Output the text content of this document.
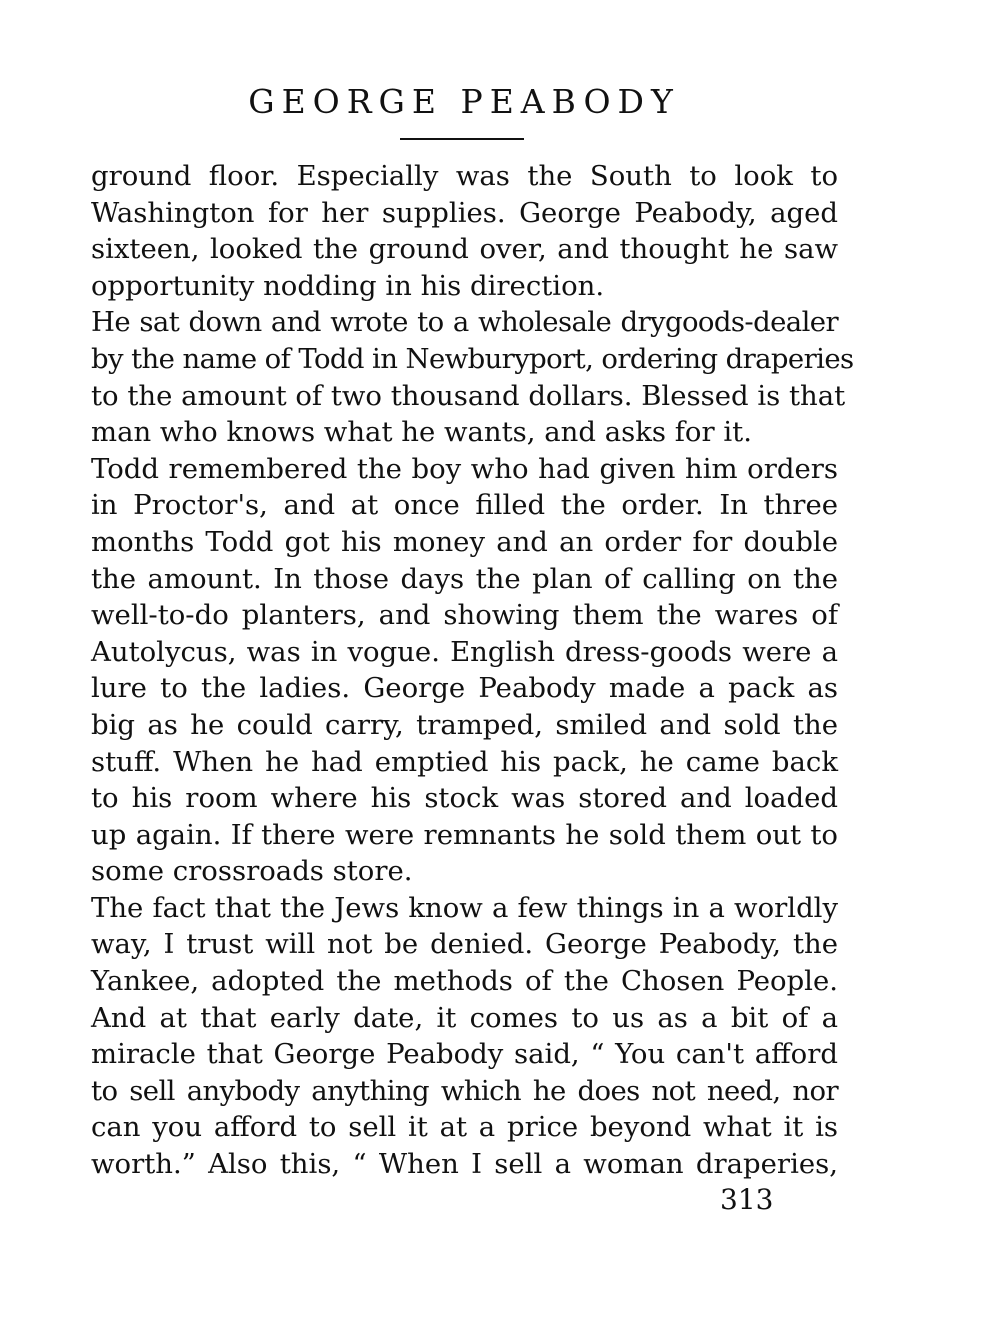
GEORGE PEABODY
ground floor. Especially was the South to look to
Washington for her supplies. George Peabody, aged
sixteen, looked the ground over, and thought he saw
opportunity nodding in his direction.
He sat down and wrote to a wholesale drygoods-dealer
by the name of Todd in Newburyport, ordering draperies
to the amount of two thousand dollars. Blessed is that
man who knows what he wants, and asks for it.
Todd remembered the boy who had given him orders
in Proctor's, and at once filled the order. In three
months Todd got his money and an order for double
the amount. In those days the plan of calling on the
well-to-do planters, and showing them the wares of
Autolycus, was in vogue. English dress-goods were a
lure to the ladies. George Peabody made a pack as
big as he could carry, tramped, smiled and sold the
stuff. When he had emptied his pack, he came back
to his room where his stock was stored and loaded
up again. If there were remnants he sold them out to
some crossroads store.
The fact that the Jews know a few things in a worldly
way, I trust will not be denied. George Peabody, the
Yankee, adopted the methods of the Chosen People.
And at that early date, it comes to us as a bit of a
miracle that George Peabody said, “ You can't afford
to sell anybody anything which he does not need, nor
can you afford to sell it at a price beyond what it is
worth.” Also this, “ When I sell a woman draperies,
313
